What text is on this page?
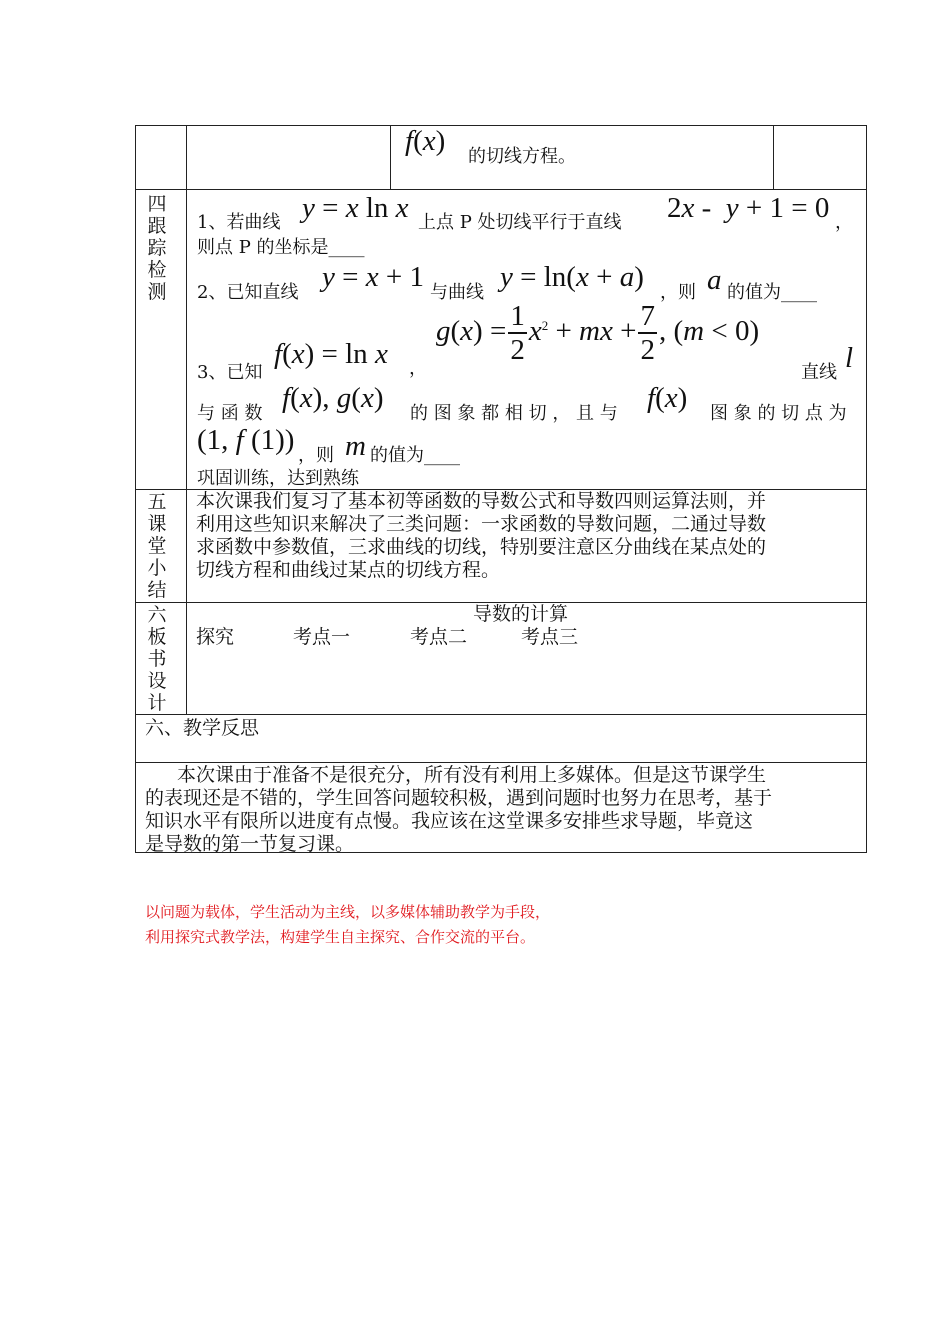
f(x) 的切线方程。
四
跟
踪
检
测
1、若曲线 y = x ln x 上点 P 处切线平行于直线 2x -  y + 1 = 0 ，
则点 P 的坐标是____
2、已知直线 y = x + 1 与曲线 y = ln(x + a) ，则 a 的值为____
3、已知
f(x) = ln x ，
$g(x) = \frac{1}{2} x^2$ + mx + $\frac{7}{2}$ , (m < 0)
直线 l
与 函 数 f(x), g(x) 的 图 象 都 相 切 ， 且 与 f(x) 图 象 的 切 点 为
(1, f (1)) ，则 m 的值为____
巩固训练，达到熟练
五
课
堂
小
结
本次课我们复习了基本初等函数的导数公式和导数四则运算法则，并
利用这些知识来解决了三类问题：一求函数的导数问题，二通过导数
求函数中参数值，三求曲线的切线，特别要注意区分曲线在某点处的
切线方程和曲线过某点的切线方程。
六
板
书
设
计
导数的计算
探究	考点一	考点二	考点三
六、教学反思
本次课由于准备不是很充分，所有没有利用上多媒体。但是这节课学生
的表现还是不错的，学生回答问题较积极，遇到问题时也努力在思考，基于
知识水平有限所以进度有点慢。我应该在这堂课多安排些求导题，毕竟这
是导数的第一节复习课。
以问题为载体，学生活动为主线，以多媒体辅助教学为手段，
利用探究式教学法，构建学生自主探究、合作交流的平台。
